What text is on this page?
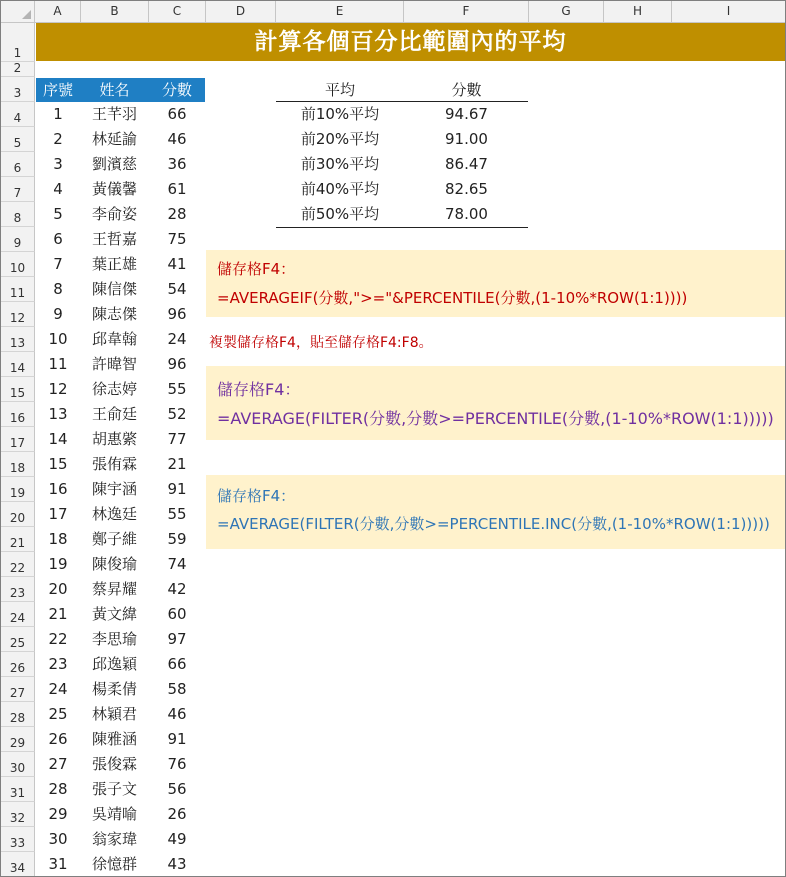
A	B	C	D	E	F	G	H	I
1
2
3
4
5
6
7
8
9
10
11
12
13
14
15
16
17
18
19
20
21
22
23
24
25
26
27
28
29
30
31
32
33
34
計算各個百分比範圍內的平均
序號	姓名	分數
1	王芊羽	66
2	林延諭	46
3	劉濱慈	36
4	黃儀馨	61
5	李俞姿	28
6	王哲嘉	75
7	葉正雄	41
8	陳信傑	54
9	陳志傑	96
10	邱韋翰	24
11	許暐智	96
12	徐志婷	55
13	王俞廷	52
14	胡惠綮	77
15	張侑霖	21
16	陳宇涵	91
17	林逸廷	55
18	鄭子維	59
19	陳俊瑜	74
20	蔡昇耀	42
21	黃文緯	60
22	李思瑜	97
23	邱逸穎	66
24	楊柔倩	58
25	林穎君	46
26	陳雅涵	91
27	張俊霖	76
28	張子文	56
29	吳靖喻	26
30	翁家瑋	49
31	徐憶群	43
平均	分數
前10%平均	94.67
前20%平均	91.00
前30%平均	86.47
前40%平均	82.65
前50%平均	78.00
儲存格F4：
=AVERAGEIF(分數,">="&PERCENTILE(分數,(1-10%*ROW(1:1))))
複製儲存格F4，貼至儲存格F4:F8。
儲存格F4：
=AVERAGE(FILTER(分數,分數>=PERCENTILE(分數,(1-10%*ROW(1:1)))))
儲存格F4：
=AVERAGE(FILTER(分數,分數>=PERCENTILE.INC(分數,(1-10%*ROW(1:1)))))
